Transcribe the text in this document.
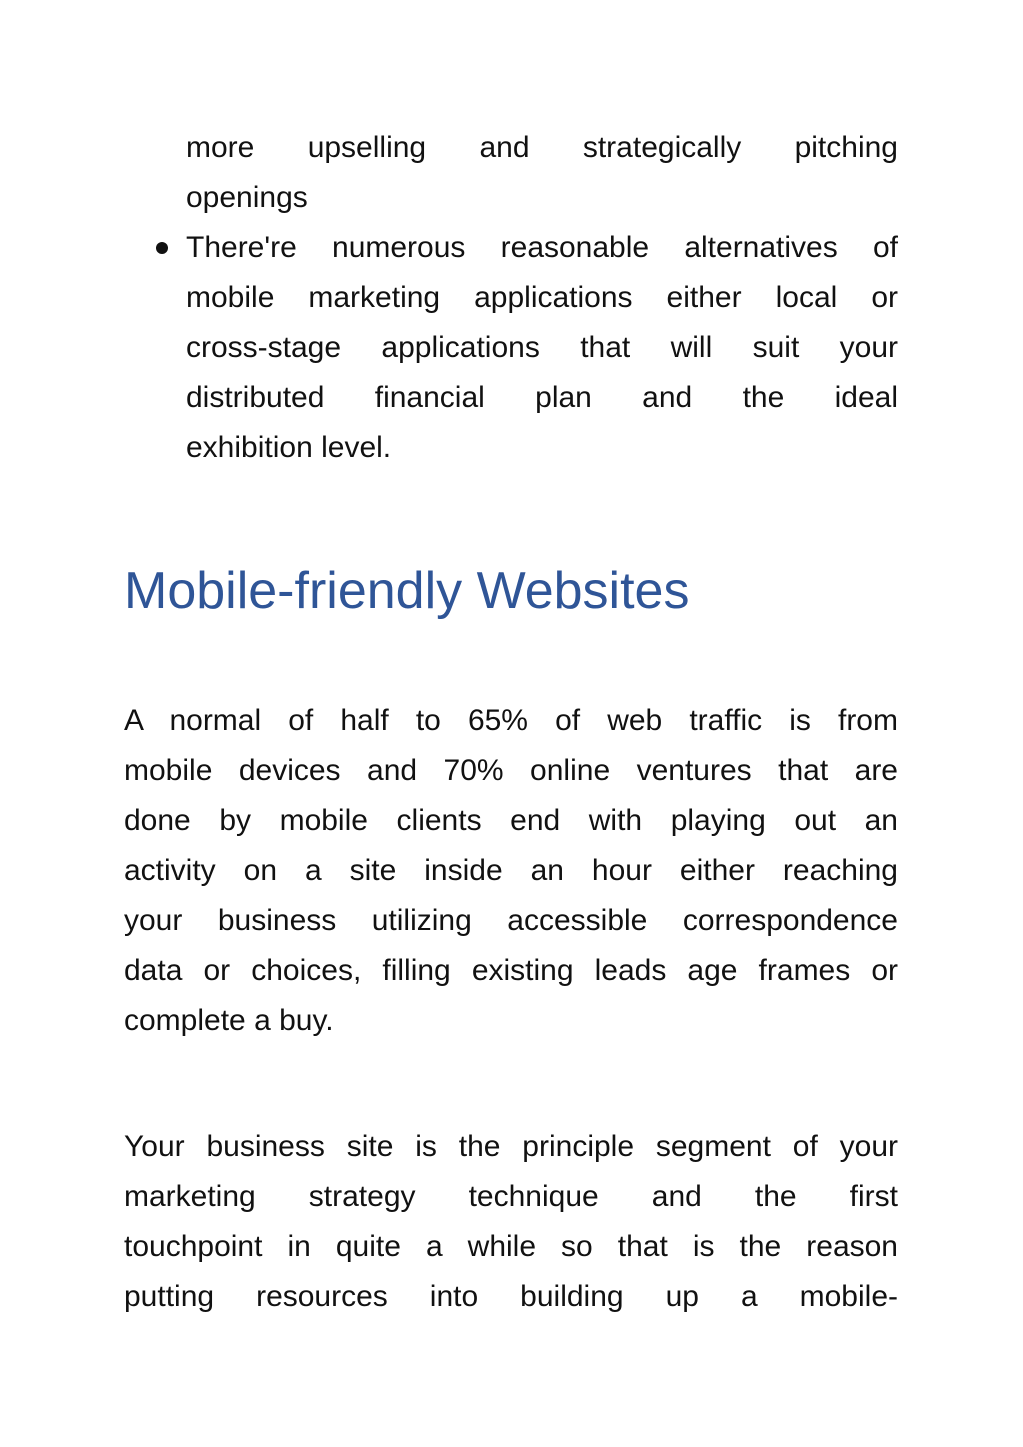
more upselling and strategically pitching
openings
There're numerous reasonable alternatives of
mobile marketing applications either local or
cross-stage applications that will suit your
distributed financial plan and the ideal
exhibition level.
Mobile-friendly Websites
A normal of half to 65% of web traffic is from
mobile devices and 70% online ventures that are
done by mobile clients end with playing out an
activity on a site inside an hour either reaching
your business utilizing accessible correspondence
data or choices, filling existing leads age frames or
complete a buy.
Your business site is the principle segment of your
marketing strategy technique and the first
touchpoint in quite a while so that is the reason
putting resources into building up a mobile-
